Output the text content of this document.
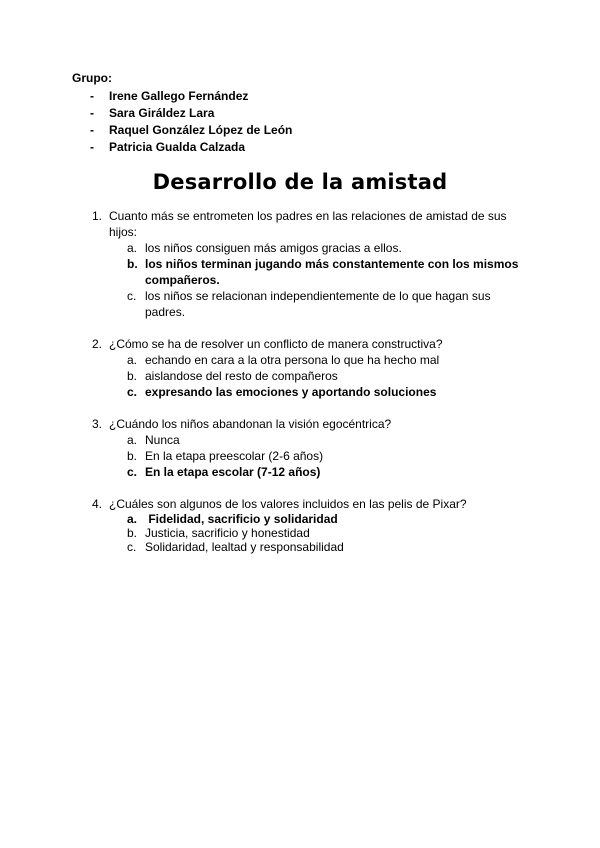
Grupo:
- Irene Gallego Fernández
- Sara Giráldez Lara
- Raquel González López de León
- Patricia Gualda Calzada
Desarrollo de la amistad
1. Cuanto más se entrometen los padres en las relaciones de amistad de sus hijos:
a. los niños consiguen más amigos gracias a ellos.
b. los niños terminan jugando más constantemente con los mismos compañeros.
c. los niños se relacionan independientemente de lo que hagan sus padres.
2. ¿Cómo se ha de resolver un conflicto de manera constructiva?
a. echando en cara a la otra persona lo que ha hecho mal
b. aislandose del resto de compañeros
c. expresando las emociones y aportando soluciones
3. ¿Cuándo los niños abandonan la visión egocéntrica?
a. Nunca
b. En la etapa preescolar (2-6 años)
c. En la etapa escolar (7-12 años)
4. ¿Cuáles son algunos de los valores incluidos en las pelis de Pixar?
a. Fidelidad, sacrificio y solidaridad
b. Justicia, sacrificio y honestidad
c. Solidaridad, lealtad y responsabilidad
